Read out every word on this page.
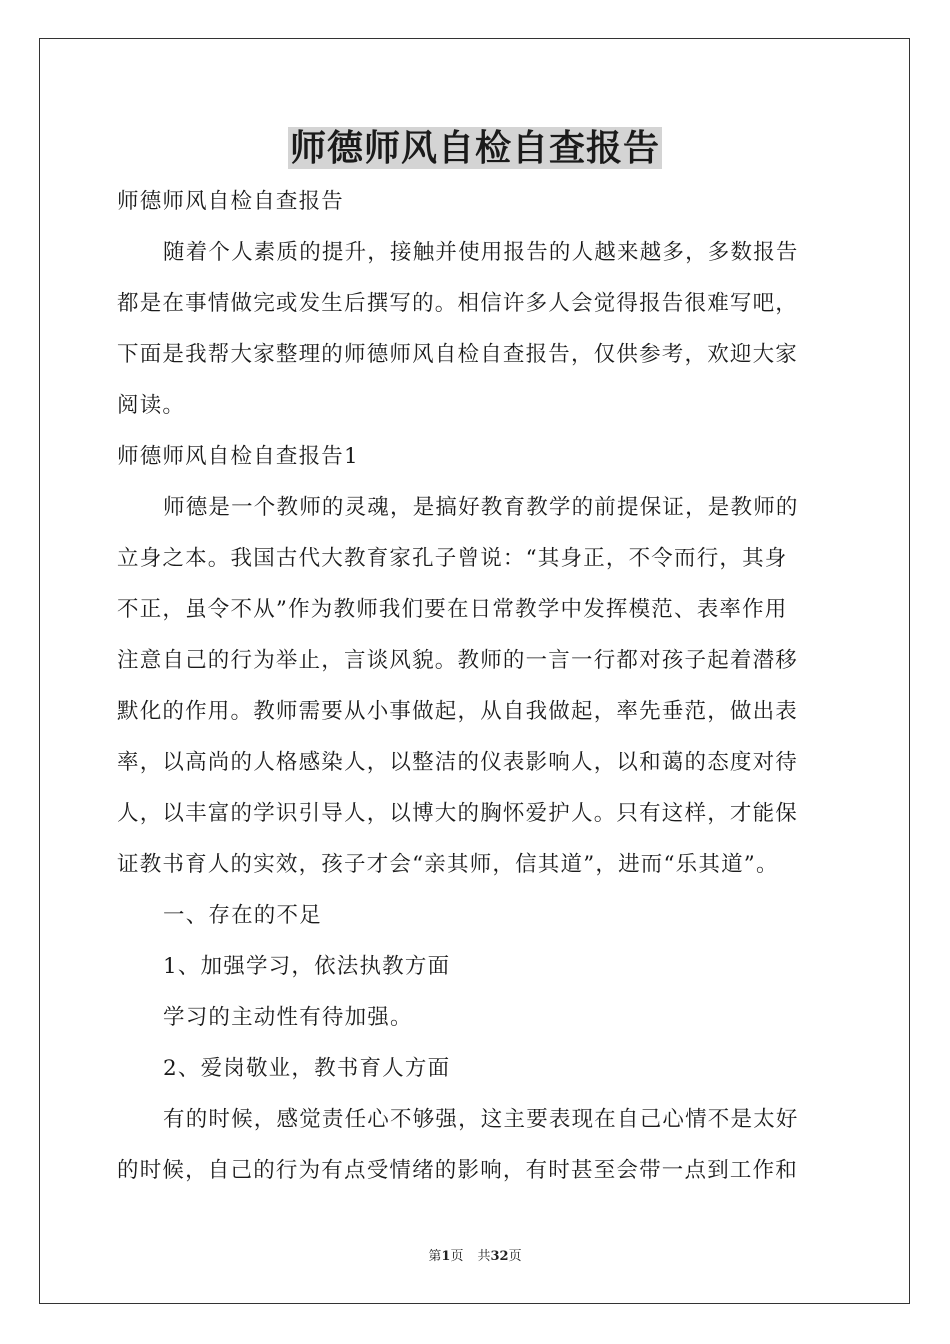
师德师风自检自查报告
师德师风自检自查报告
随着个人素质的提升，接触并使用报告的人越来越多，多数报告
都是在事情做完或发生后撰写的。相信许多人会觉得报告很难写吧，
下面是我帮大家整理的师德师风自检自查报告，仅供参考，欢迎大家
阅读。
师德师风自检自查报告1
师德是一个教师的灵魂，是搞好教育教学的前提保证，是教师的
立身之本。我国古代大教育家孔子曾说：“其身正，不令而行，其身
不正，虽令不从”作为教师我们要在日常教学中发挥模范、表率作用
注意自己的行为举止，言谈风貌。教师的一言一行都对孩子起着潜移
默化的作用。教师需要从小事做起，从自我做起，率先垂范，做出表
率，以高尚的人格感染人，以整洁的仪表影响人，以和蔼的态度对待
人，以丰富的学识引导人，以博大的胸怀爱护人。只有这样，才能保
证教书育人的实效，孩子才会“亲其师，信其道”，进而“乐其道”。
一、存在的不足
1、加强学习，依法执教方面
学习的主动性有待加强。
2、爱岗敬业，教书育人方面
有的时候，感觉责任心不够强，这主要表现在自己心情不是太好
的时候，自己的行为有点受情绪的影响，有时甚至会带一点到工作和
第1页 共32页
